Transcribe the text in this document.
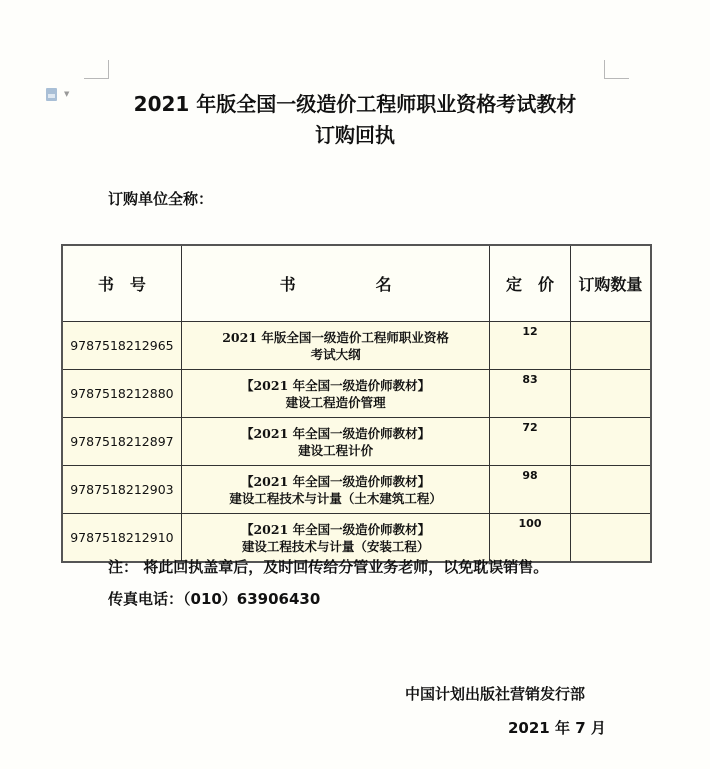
▼	2021 年版全国一级造价工程师职业资格考试教材
订购回执
订购单位全称：
书　号	书　　　　　名	定　价	订购数量
9787518212965	2021 年版全国一级造价工程师职业资格
考试大纲	12	
9787518212880	【2021 年全国一级造价师教材】
建设工程造价管理	83	
9787518212897	【2021 年全国一级造价师教材】
建设工程计价	72	
9787518212903	【2021 年全国一级造价师教材】
建设工程技术与计量（土木建筑工程）	98	
9787518212910	【2021 年全国一级造价师教材】
建设工程技术与计量（安装工程）	100	
注： 将此回执盖章后，及时回传给分管业务老师，以免耽误销售。
传真电话：（010）63906430
中国计划出版社营销发行部
2021 年 7 月
